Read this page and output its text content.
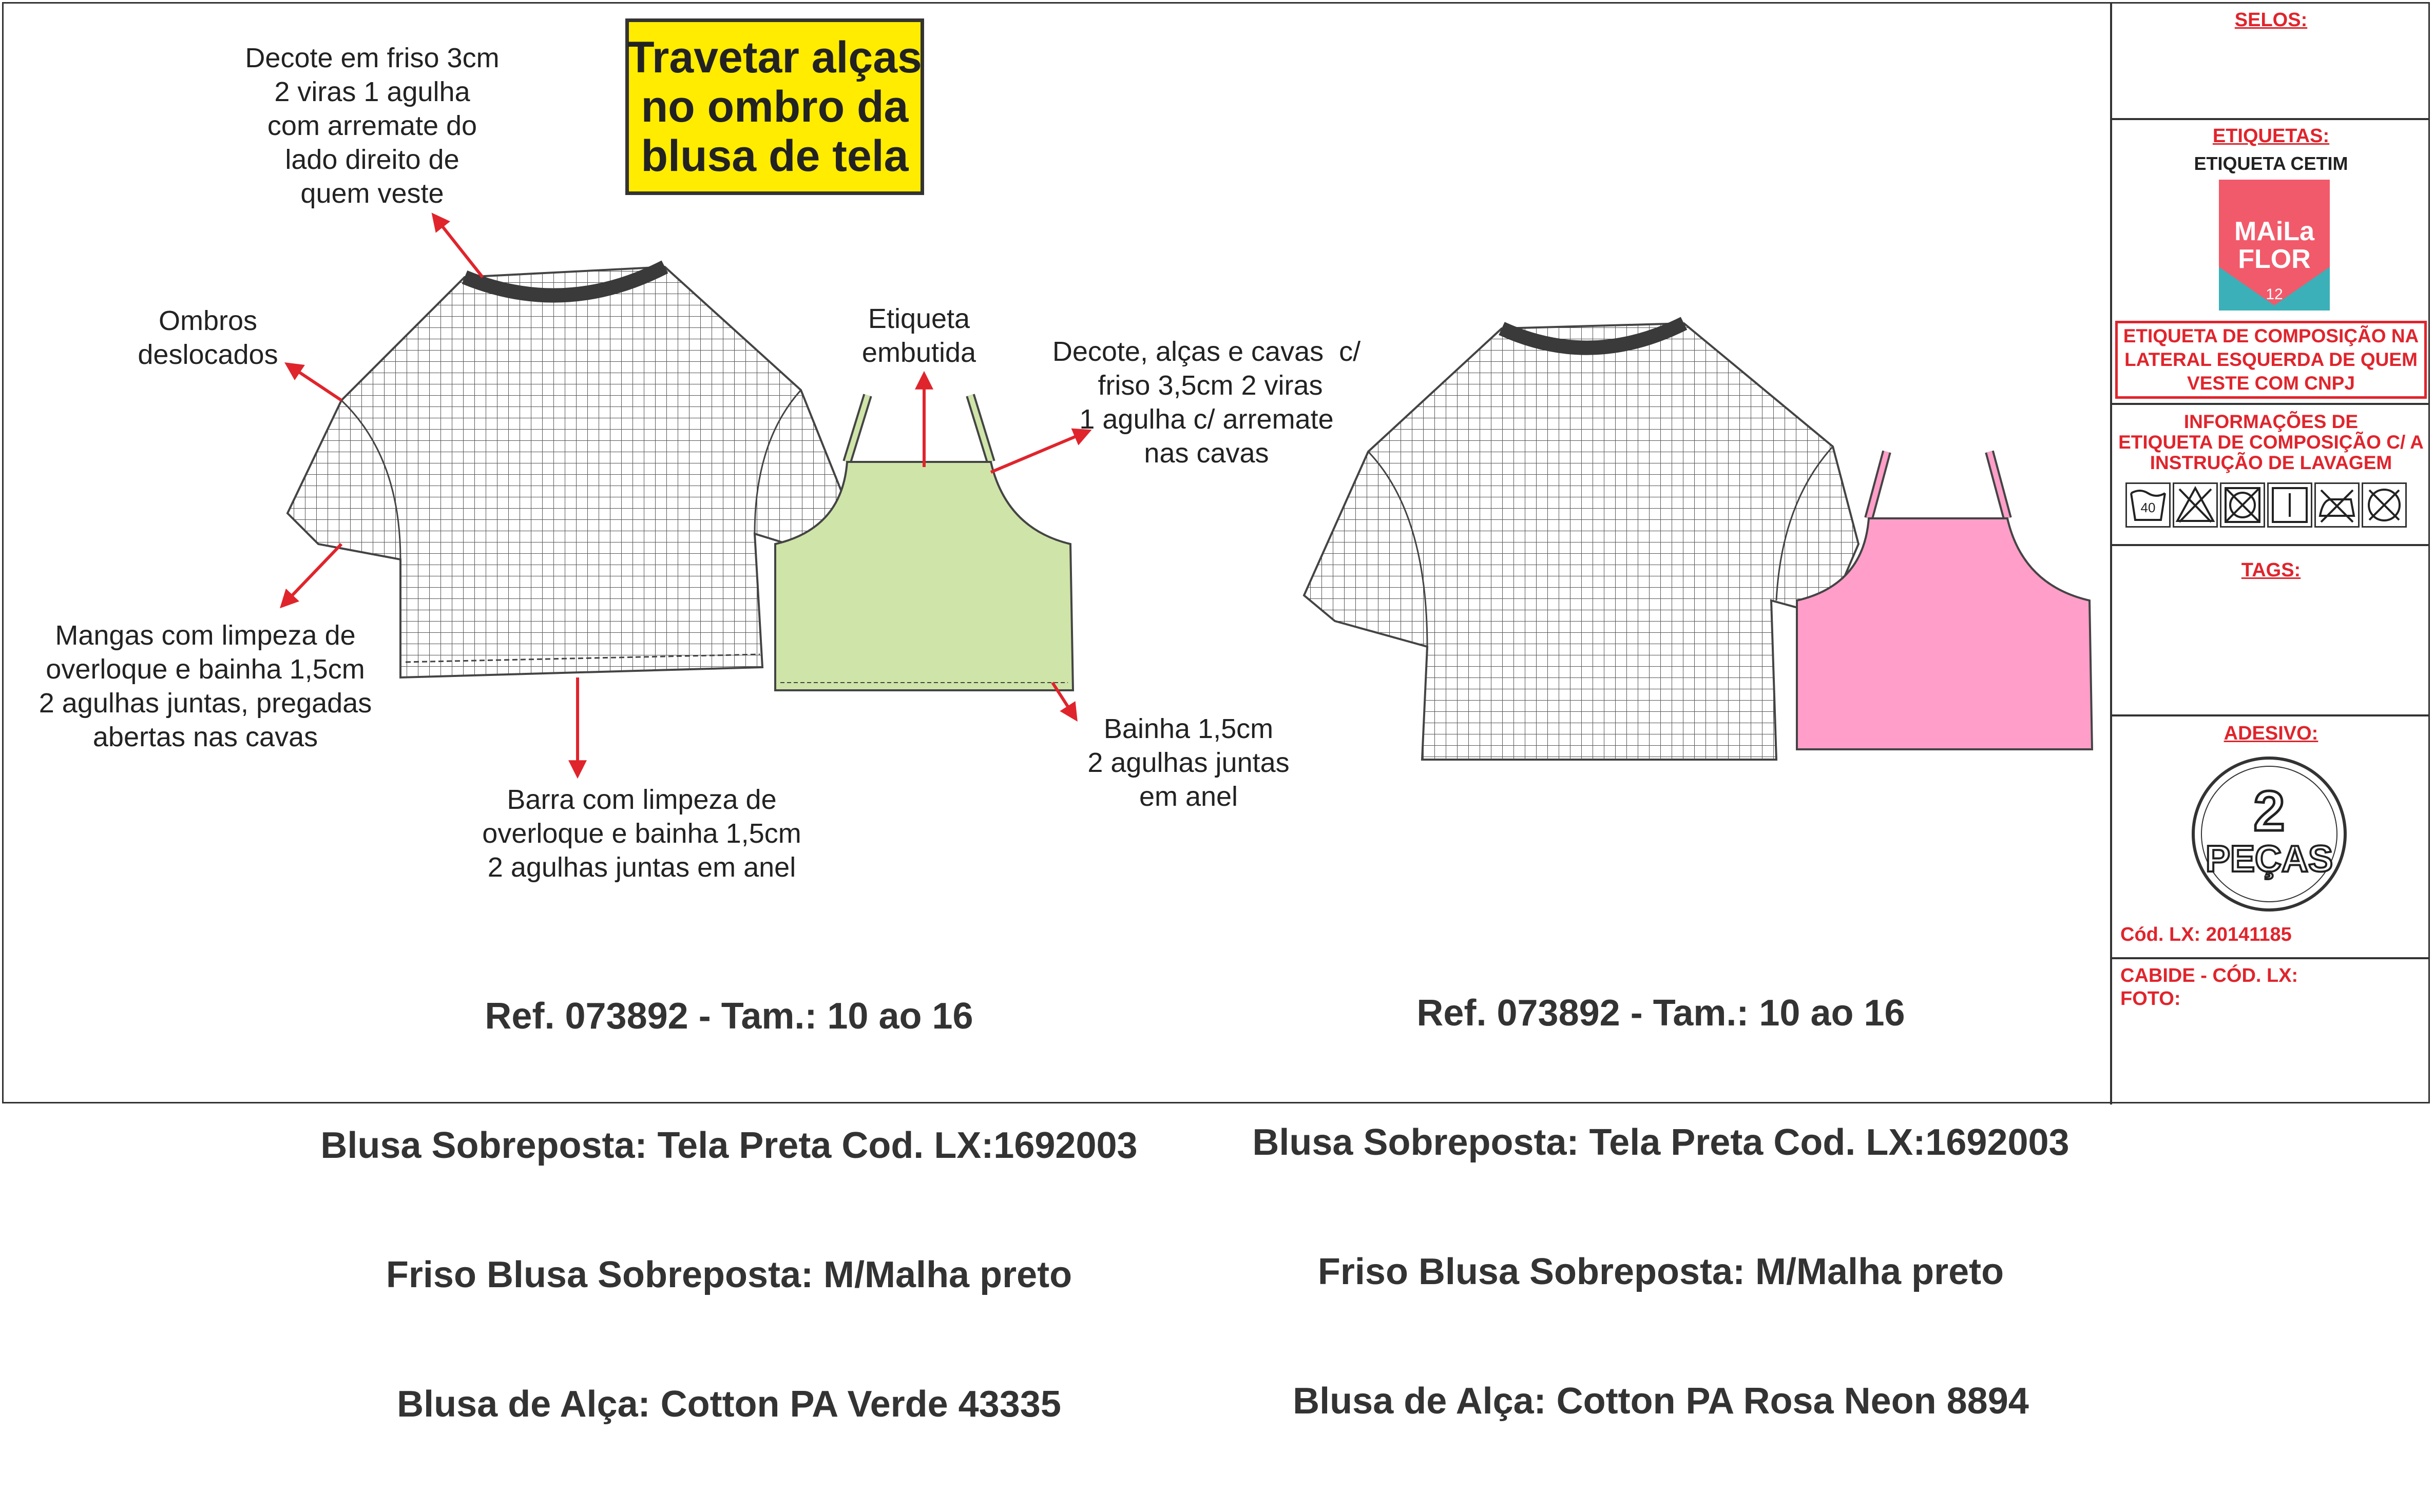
Decote em friso 3cm
2 viras 1 agulha
com arremate do
lado direito de
quem veste
Ombros
deslocados
Mangas com limpeza de
overloque e bainha 1,5cm
2 agulhas juntas, pregadas
abertas nas cavas
Barra com limpeza de
overloque e bainha 1,5cm
2 agulhas juntas em anel
Etiqueta
embutida	Decote, alças e cavas  c/
friso 3,5cm 2 viras
1 agulha c/ arremate
nas cavas
Bainha 1,5cm
2 agulhas juntas
em anel
Travetar alças
no ombro da
blusa de tela

Ref. 073892 - Tam.: 10 ao 16

Blusa Sobreposta: Tela Preta Cod. LX:1692003

Friso Blusa Sobreposta: M/Malha preto

Blusa de Alça: Cotton PA Verde 43335

Ref. 073892 - Tam.: 10 ao 16

Blusa Sobreposta: Tela Preta Cod. LX:1692003

Friso Blusa Sobreposta: M/Malha preto

Blusa de Alça: Cotton PA Rosa Neon 8894

SELOS:
ETIQUETAS:
ETIQUETA CETIM
MAiLa
FLOR
12
ETIQUETA DE COMPOSIÇÃO NA
LATERAL ESQUERDA DE QUEM
VESTE COM CNPJ
INFORMAÇÕES DE
ETIQUETA DE COMPOSIÇÃO C/ A
INSTRUÇÃO DE LAVAGEM
40
TAGS:
ADESIVO:
2
PEÇAS
Cód. LX: 20141185
CABIDE - CÓD. LX:
FOTO:
